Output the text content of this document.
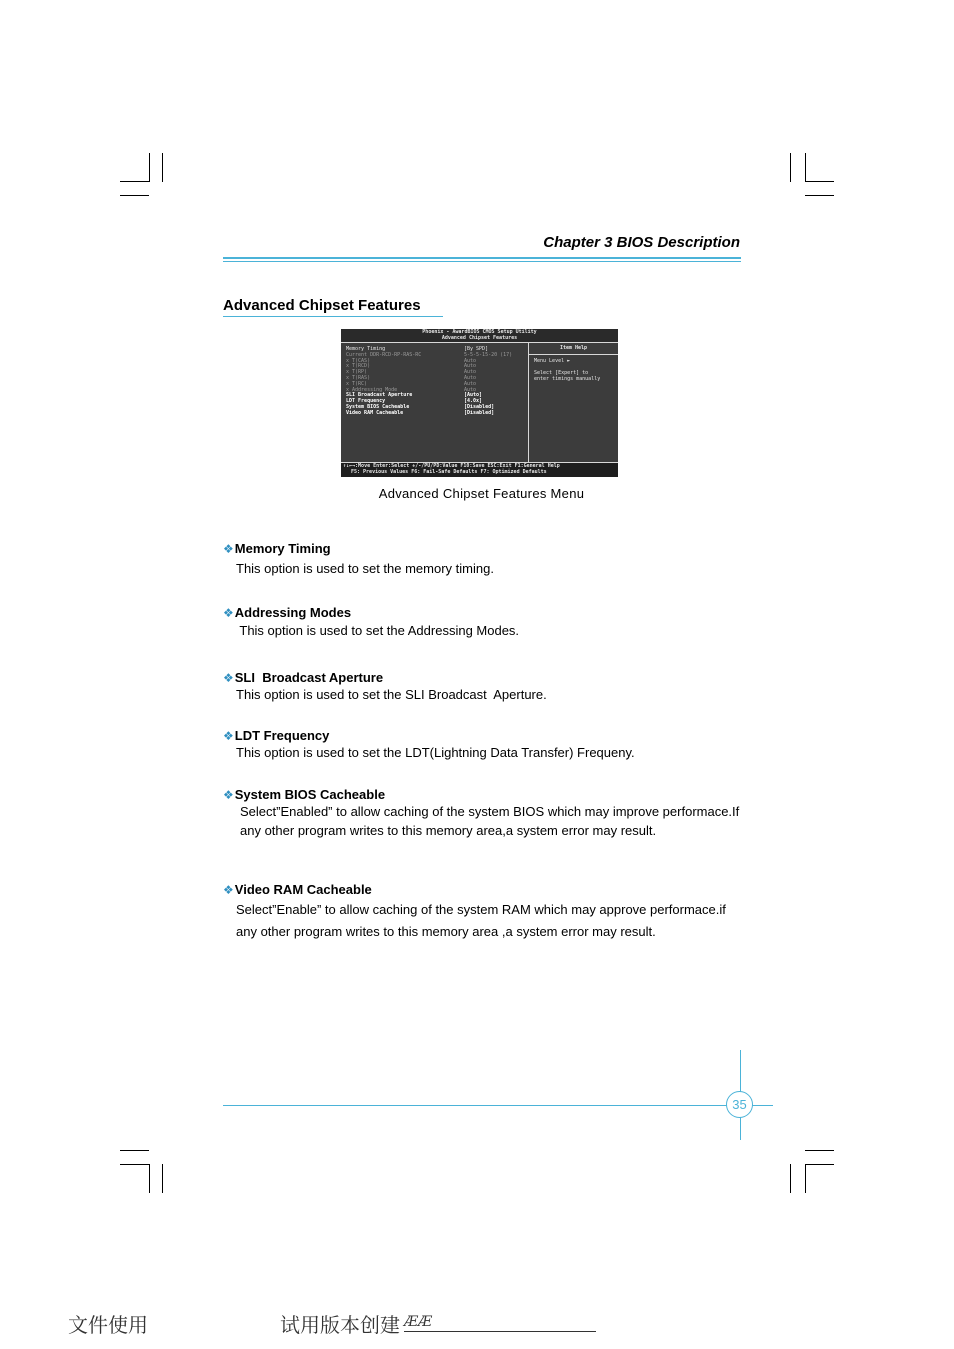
Chapter 3 BIOS Description
Advanced Chipset Features
Phoenix - AwardBIOS CMOS Setup Utility
Advanced Chipset Features
Memory Timing	[By SPD]
Current DDR-RCD-RP-RAS-RC	5-5-5-15-20 (17)
x T(CAS)	Auto
x T(RCD)	Auto
x T(RP)	Auto
x T(RAS)	Auto
x T(RC)	Auto
x Addressing Mode	Auto
SLI Broadcast Aperture	[Auto]
LDT Frequency	[4.0x]
System BIOS Cacheable	[Disabled]
Video RAM Cacheable	[Disabled]
Item Help
Menu Level ►
Select [Expert] to
enter timings manually
↑↓←→:Move Enter:Select +/-/PU/PD:Value F10:Save ESC:Exit F1:General Help
F5: Previous Values F6: Fail-Safe Defaults F7: Optimized Defaults
Advanced Chipset Features Menu
❖ Memory Timing
This option is used to set the memory timing.
❖ Addressing Modes
This option is used to set the Addressing Modes.
❖ SLI  Broadcast Aperture
This option is used to set the SLI Broadcast  Aperture.
❖ LDT Frequency
This option is used to set the LDT(Lightning Data Transfer) Frequeny.
❖ System BIOS Cacheable
Select”Enabled” to allow caching of the system BIOS which may improve performace.If any other program writes to this memory area,a system error may result.
❖ Video RAM Cacheable
Select”Enable” to allow caching of the system RAM which may approve performace.if any other program writes to this memory area ,a system error may result.
35
文件使用	试用版本创建 ÆÆ
